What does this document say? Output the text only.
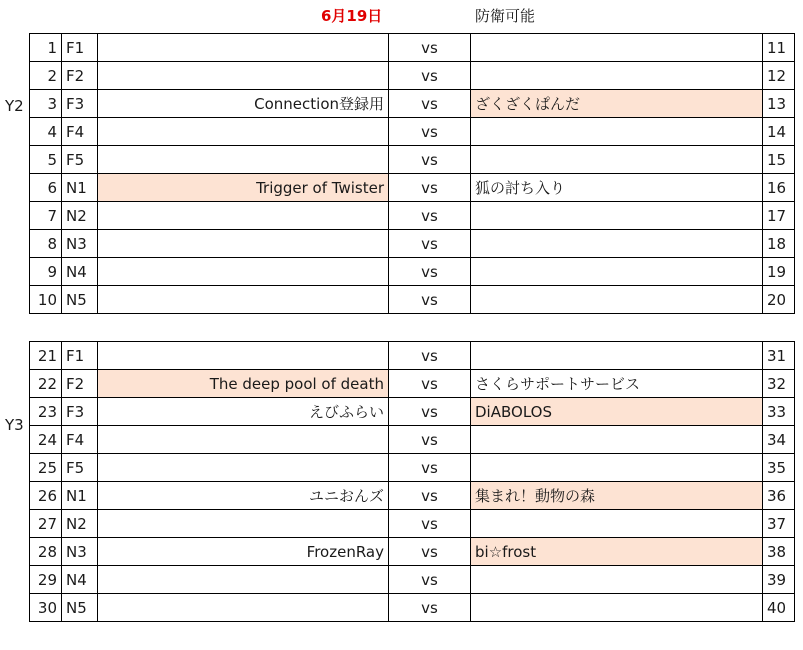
6月19日	防衛可能
Y2
Y3
1	F1		vs		11
2	F2		vs		12
3	F3	Connection登録用	vs	ざくざくぱんだ	13
4	F4		vs		14
5	F5		vs		15
6	N1	Trigger of Twister	vs	狐の討ち入り	16
7	N2		vs		17
8	N3		vs		18
9	N4		vs		19
10	N5		vs		20

21	F1		vs		31
22	F2	The deep pool of death	vs	さくらサポートサービス	32
23	F3	えびふらい	vs	DiABOLOS	33
24	F4		vs		34
25	F5		vs		35
26	N1	ユニおんズ	vs	集まれ！動物の森	36
27	N2		vs		37
28	N3	FrozenRay	vs	bi☆frost	38
29	N4		vs		39
30	N5		vs		40
